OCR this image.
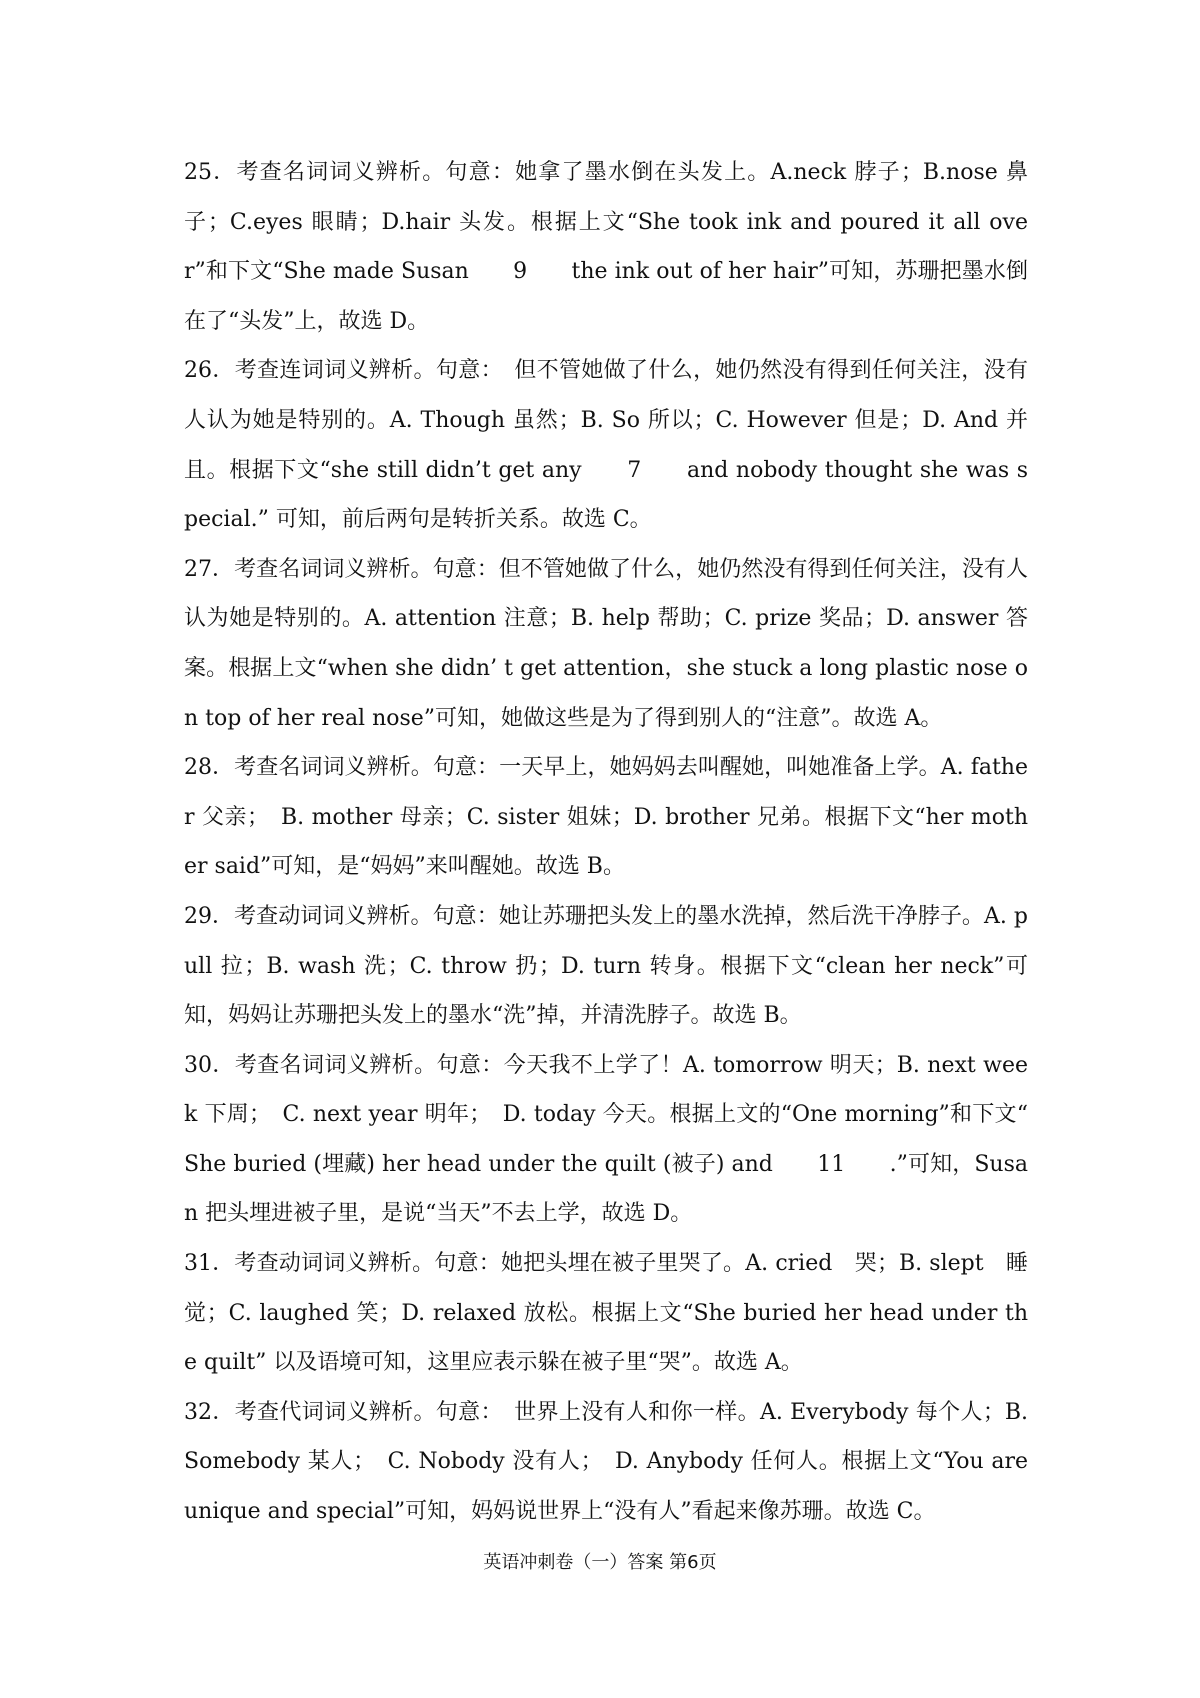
25．考查名词词义辨析。句意：她拿了墨水倒在头发上。A.neck 脖子；B.nose 鼻子；C.eyes 眼睛；D.hair 头发。根据上文“She took ink and poured it all over”和下文“She made Susan　　9　　the ink out of her hair”可知，苏珊把墨水倒在了“头发”上，故选 D。

26．考查连词词义辨析。句意：　但不管她做了什么，她仍然没有得到任何关注，没有人认为她是特别的。A. Though 虽然；B. So 所以；C. However 但是；D. And 并且。根据下文“she still didn’t get any　　7　　and nobody thought she was special.” 可知，前后两句是转折关系。故选 C。

27．考查名词词义辨析。句意：但不管她做了什么，她仍然没有得到任何关注，没有人认为她是特别的。A. attention 注意；B. help 帮助；C. prize 奖品；D. answer 答案。根据上文“when she didn’ t get attention，she stuck a long plastic nose on top of her real nose”可知，她做这些是为了得到别人的“注意”。故选 A。

28．考查名词词义辨析。句意：一天早上，她妈妈去叫醒她，叫她准备上学。A. father 父亲；　B. mother 母亲；C. sister 姐妹；D. brother 兄弟。根据下文“her mother said”可知，是“妈妈”来叫醒她。故选 B。

29．考查动词词义辨析。句意：她让苏珊把头发上的墨水洗掉，然后洗干净脖子。A. pull 拉；B. wash 洗；C. throw 扔；D. turn 转身。根据下文“clean her neck”可知，妈妈让苏珊把头发上的墨水“洗”掉，并清洗脖子。故选 B。

30．考查名词词义辨析。句意：今天我不上学了！A. tomorrow 明天；B. next week 下周；　C. next year 明年；　D. today 今天。根据上文的“One morning”和下文“ She buried (埋藏) her head under the quilt (被子) and　　11　　.”可知，Susan 把头埋进被子里，是说“当天”不去上学，故选 D。

31．考查动词词义辨析。句意：她把头埋在被子里哭了。A. cried　哭；B. slept　睡觉；C. laughed 笑；D. relaxed 放松。根据上文“She buried her head under the quilt” 以及语境可知，这里应表示躲在被子里“哭”。故选 A。

32．考查代词词义辨析。句意：　世界上没有人和你一样。A. Everybody 每个人；B. Somebody 某人；　C. Nobody 没有人；　D. Anybody 任何人。根据上文“You are unique and special”可知，妈妈说世界上“没有人”看起来像苏珊。故选 C。

英语冲刺卷（一）答案 第6页
